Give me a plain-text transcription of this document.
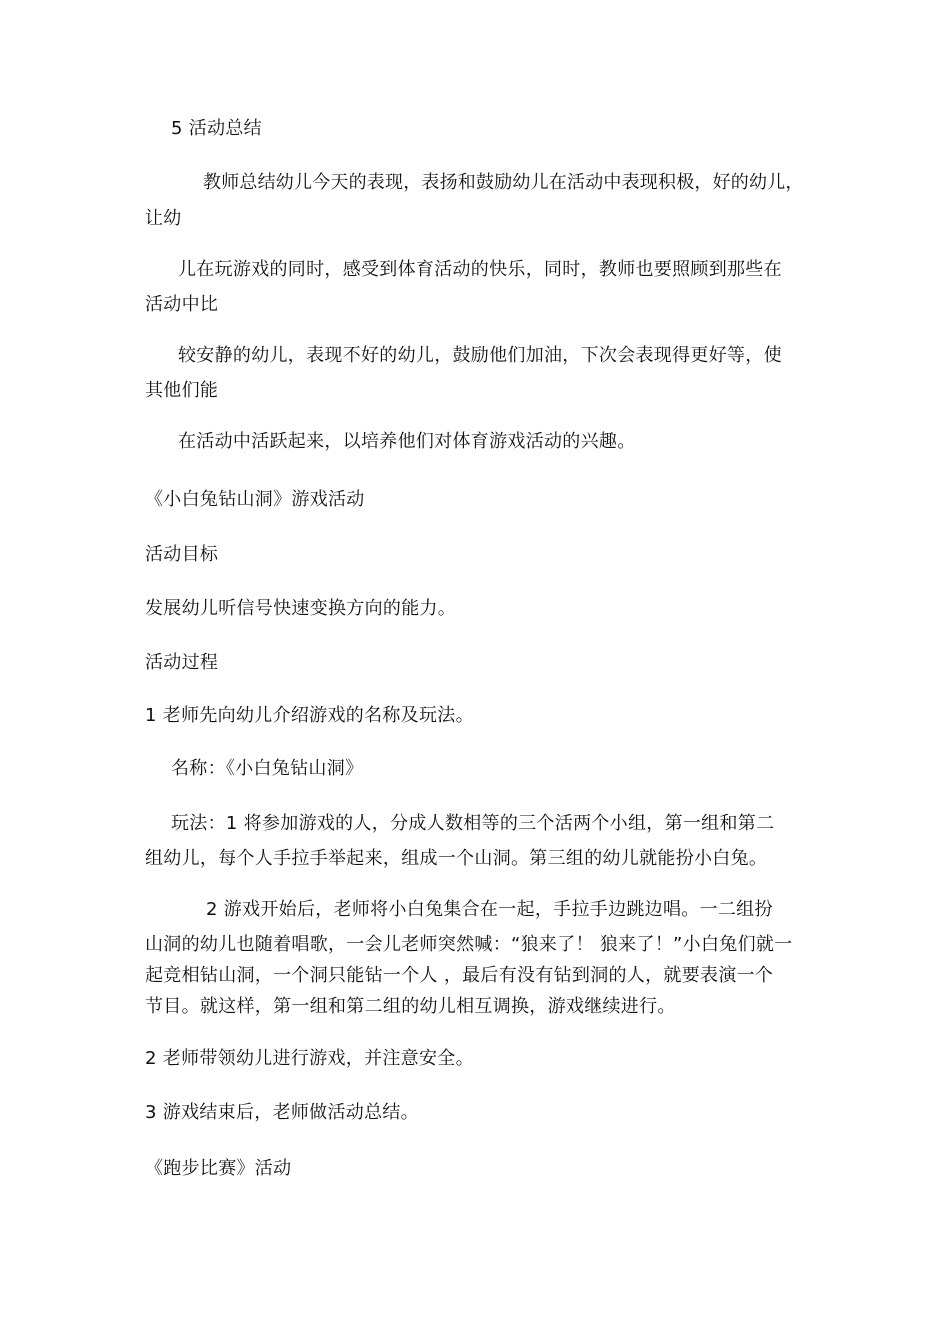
5 活动总结
教师总结幼儿今天的表现，表扬和鼓励幼儿在活动中表现积极，好的幼儿，
让幼
儿在玩游戏的同时，感受到体育活动的快乐，同时，教师也要照顾到那些在
活动中比
较安静的幼儿，表现不好的幼儿，鼓励他们加油，下次会表现得更好等，使
其他们能
在活动中活跃起来，以培养他们对体育游戏活动的兴趣。
《小白兔钻山洞》游戏活动
活动目标
发展幼儿听信号快速变换方向的能力。
活动过程
1 老师先向幼儿介绍游戏的名称及玩法。
名称：《小白兔钻山洞》
玩法：1 将参加游戏的人，分成人数相等的三个活两个小组，第一组和第二
组幼儿，每个人手拉手举起来，组成一个山洞。第三组的幼儿就能扮小白兔。
2 游戏开始后，老师将小白兔集合在一起，手拉手边跳边唱。一二组扮
山洞的幼儿也随着唱歌，一会儿老师突然喊：“狼来了！ 狼来了！”小白兔们就一
起竞相钻山洞，一个洞只能钻一个人 ，最后有没有钻到洞的人，就要表演一个
节目。就这样，第一组和第二组的幼儿相互调换，游戏继续进行。
2 老师带领幼儿进行游戏，并注意安全。
3 游戏结束后，老师做活动总结。
《跑步比赛》活动
